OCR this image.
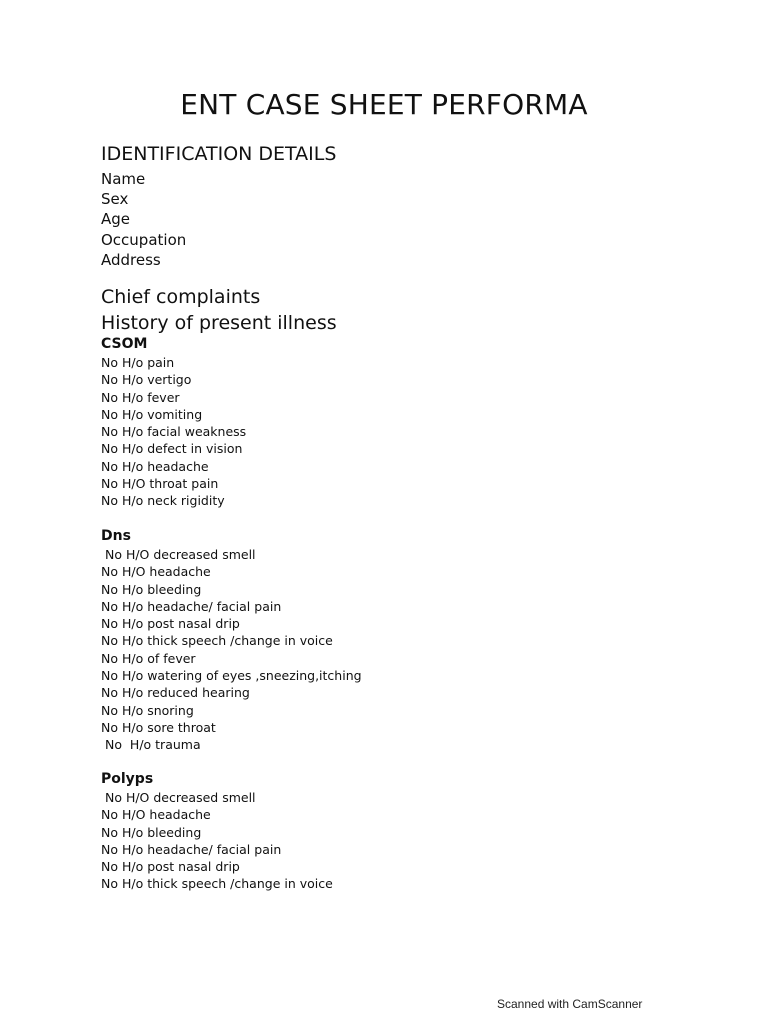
ENT CASE SHEET PERFORMA
IDENTIFICATION DETAILS
Name
Sex
Age
Occupation
Address
Chief complaints
History of present illness
CSOM
No H/o pain
No H/o vertigo
No H/o fever
No H/o vomiting
No H/o facial weakness
No H/o defect in vision
No H/o headache
No H/O throat pain
No H/o neck rigidity
Dns
No H/O decreased smell
No H/O headache
No H/o bleeding
No H/o headache/ facial pain
No H/o post nasal drip
No H/o thick speech /change in voice
No H/o of fever
No H/o watering of eyes ,sneezing,itching
No H/o reduced hearing
No H/o snoring
No H/o sore throat
No  H/o trauma
Polyps
No H/O decreased smell
No H/O headache
No H/o bleeding
No H/o headache/ facial pain
No H/o post nasal drip
No H/o thick speech /change in voice
Scanned with CamScanner
